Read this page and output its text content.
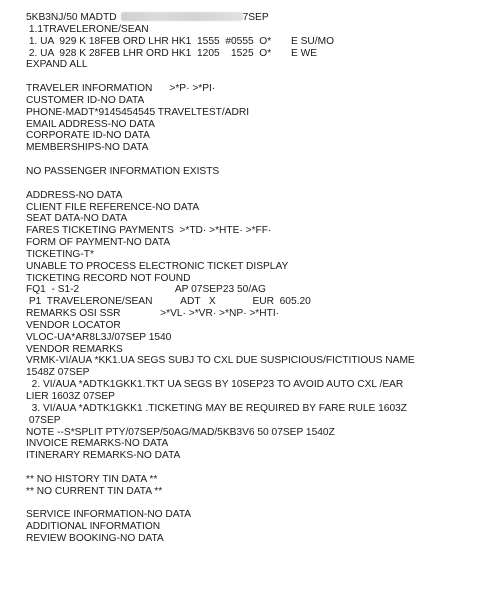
5KB3NJ/50 MADTD	7SEP
1.1TRAVELERONE/SEAN
1. UA  929 K 18FEB ORD LHR HK1  1555  #0555  O*       E SU/MO
2. UA  928 K 28FEB LHR ORD HK1  1205    1525  O*       E WE
EXPAND ALL
TRAVELER INFORMATION      >*P· >*PI·
CUSTOMER ID-NO DATA
PHONE-MADT*9145454545 TRAVELTEST/ADRI
EMAIL ADDRESS-NO DATA
CORPORATE ID-NO DATA
MEMBERSHIPS-NO DATA
NO PASSENGER INFORMATION EXISTS
ADDRESS-NO DATA
CLIENT FILE REFERENCE-NO DATA
SEAT DATA-NO DATA
FARES TICKETING PAYMENTS  >*TD· >*HTE· >*FF·
FORM OF PAYMENT-NO DATA
TICKETING-T*
UNABLE TO PROCESS ELECTRONIC TICKET DISPLAY
TICKETING RECORD NOT FOUND
FQ1  - S1-2                                  AP 07SEP23 50/AG
P1  TRAVELERONE/SEAN          ADT   X             EUR  605.20
REMARKS OSI SSR              >*VL· >*VR· >*NP· >*HTI·
VENDOR LOCATOR
VLOC-UA*AR8L3J/07SEP 1540
VENDOR REMARKS
VRMK-VI/AUA *KK1.UA SEGS SUBJ TO CXL DUE SUSPICIOUS/FICTITIOUS NAME
1548Z 07SEP
2. VI/AUA *ADTK1GKK1.TKT UA SEGS BY 10SEP23 TO AVOID AUTO CXL /EAR
LIER 1603Z 07SEP
3. VI/AUA *ADTK1GKK1 .TICKETING MAY BE REQUIRED BY FARE RULE 1603Z
07SEP
NOTE --S*SPLIT PTY/07SEP/50AG/MAD/5KB3V6 50 07SEP 1540Z
INVOICE REMARKS-NO DATA
ITINERARY REMARKS-NO DATA
** NO HISTORY TIN DATA **
** NO CURRENT TIN DATA **
SERVICE INFORMATION-NO DATA
ADDITIONAL INFORMATION
REVIEW BOOKING-NO DATA
